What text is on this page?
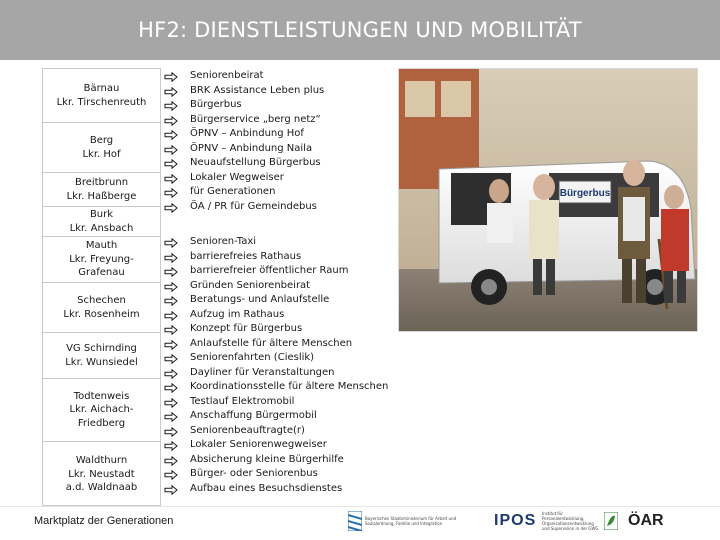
HF2: DIENSTLEISTUNGEN UND MOBILITÄT
Bärnau
Lkr. Tirschenreuth
Berg
Lkr. Hof
Breitbrunn
Lkr. Haßberge
Burk
Lkr. Ansbach
Mauth
Lkr. Freyung-
Grafenau
Schechen
Lkr. Rosenheim
VG Schirnding
Lkr. Wunsiedel
Todtenweis
Lkr. Aichach-
Friedberg
Waldthurn
Lkr. Neustadt
a.d. Waldnaab
Seniorenbeirat
BRK Assistance Leben plus
Bürgerbus
Bürgerservice „berg netz“
ÖPNV – Anbindung Hof
ÖPNV – Anbindung Naila
Neuaufstellung Bürgerbus
Lokaler Wegweiser
für Generationen
ÖA / PR für Gemeindebus
Senioren-Taxi
barrierefreies Rathaus
barrierefreier öffentlicher Raum
Gründen Seniorenbeirat
Beratungs- und Anlaufstelle
Aufzug im Rathaus
Konzept für Bürgerbus
Anlaufstelle für ältere Menschen
Seniorenfahrten (Cieslik)
Dayliner für Veranstaltungen
Koordinationsstelle für ältere Menschen
Testlauf Elektromobil
Anschaffung Bürgermobil
Seniorenbeauftragte(r)
Lokaler Seniorenwegweiser
Absicherung kleine Bürgerhilfe
Bürger- oder Seniorenbus
Aufbau eines Besuchsdienstes
Bürgerbus
Marktplatz der Generationen	Bayerisches Staatsministerium für Arbeit und Sozialordnung, Familie und Integration	IPOS Institut für Personalentwicklung, Organisationsentwicklung und Supervision in der GWG ÖAR
